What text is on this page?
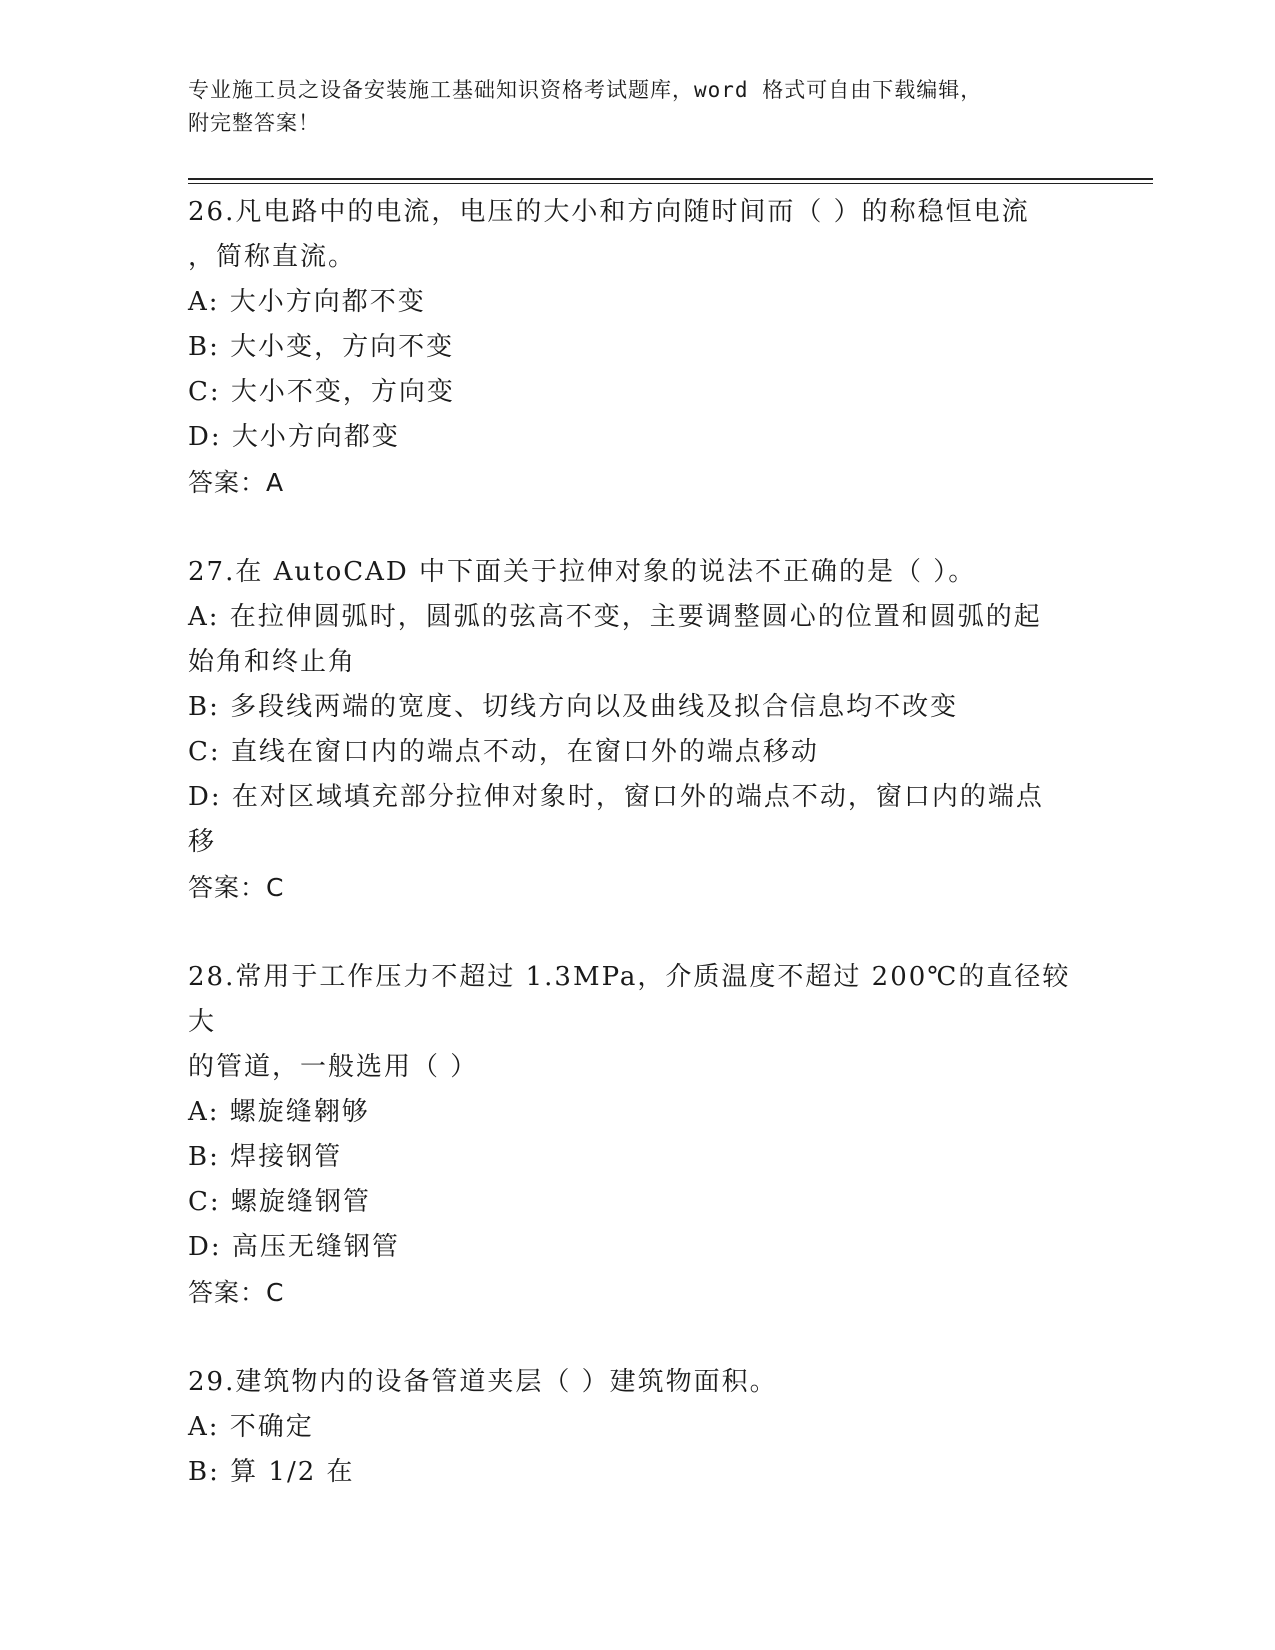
专业施工员之设备安装施工基础知识资格考试题库，word 格式可自由下载编辑，
附完整答案！

26.凡电路中的电流，电压的大小和方向随时间而（ ）的称稳恒电流

，简称直流。

A: 大小方向都不变

B: 大小变，方向不变

C: 大小不变，方向变

D: 大小方向都变

答案：A

27.在 AutoCAD 中下面关于拉伸对象的说法不正确的是（ ）。

A: 在拉伸圆弧时，圆弧的弦高不变，主要调整圆心的位置和圆弧的起

始角和终止角

B: 多段线两端的宽度、切线方向以及曲线及拟合信息均不改变

C: 直线在窗口内的端点不动，在窗口外的端点移动

D: 在对区域填充部分拉伸对象时，窗口外的端点不动，窗口内的端点

移

答案：C

28.常用于工作压力不超过 1.3MPa，介质温度不超过 200℃的直径较大

的管道，一般选用（ ）

A: 螺旋缝翱够

B: 焊接钢管

C: 螺旋缝钢管

D: 高压无缝钢管

答案：C

29.建筑物内的设备管道夹层（ ）建筑物面积。

A: 不确定

B: 算 1/2 在
